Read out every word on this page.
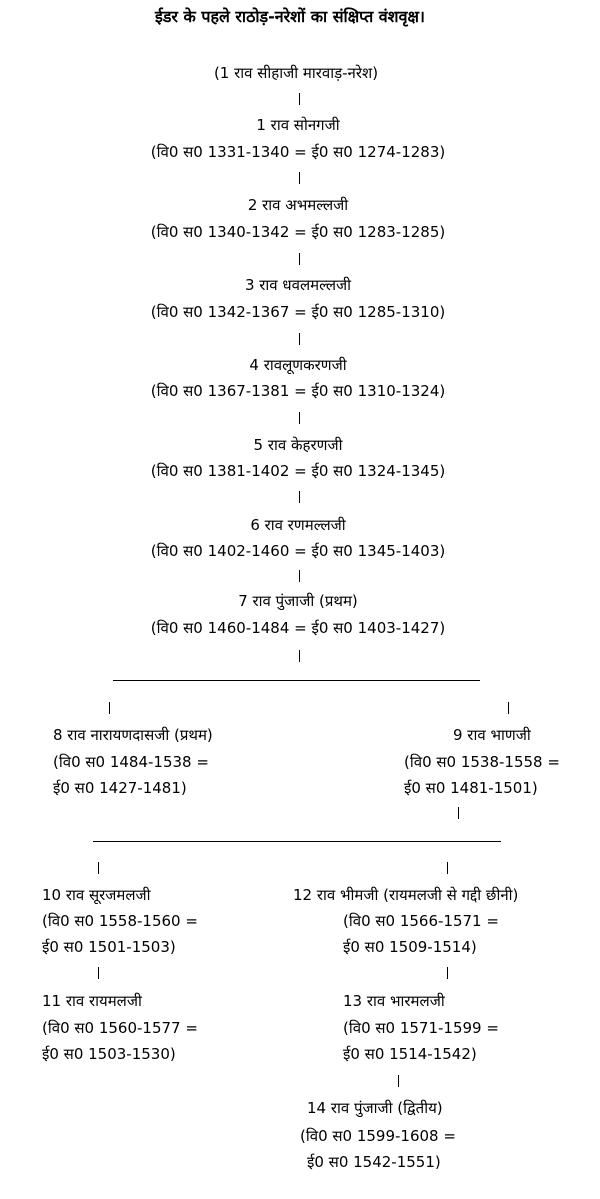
ईडर के पहले राठोड़-नरेशों का संक्षिप्त वंशवृक्ष।
(1 राव सीहाजी मारवाड़-नरेश)
1 राव सोनगजी
(वि0 स0 1331-1340 = ई0 स0 1274-1283)
2 राव अभमल्लजी
(वि0 स0 1340-1342 = ई0 स0 1283-1285)
3 राव धवलमल्लजी
(वि0 स0 1342-1367 = ई0 स0 1285-1310)
4 रावलूणकरणजी
(वि0 स0 1367-1381 = ई0 स0 1310-1324)
5 राव केहरणजी
(वि0 स0 1381-1402 = ई0 स0 1324-1345)
6 राव रणमल्लजी
(वि0 स0 1402-1460 = ई0 स0 1345-1403)
7 राव पुंजाजी (प्रथम)
(वि0 स0 1460-1484 = ई0 स0 1403-1427)
8 राव नारायणदासजी (प्रथम)
(वि0 स0 1484-1538 =
ई0 स0 1427-1481)
9 राव भाणजी
(वि0 स0 1538-1558 =
ई0 स0 1481-1501)
10 राव सूरजमलजी
(वि0 स0 1558-1560 =
ई0 स0 1501-1503)
11 राव रायमलजी
(वि0 स0 1560-1577 =
ई0 स0 1503-1530)
12 राव भीमजी (रायमलजी से गद्दी छीनी)
(वि0 स0 1566-1571 =
ई0 स0 1509-1514)
13 राव भारमलजी
(वि0 स0 1571-1599 =
ई0 स0 1514-1542)
14 राव पुंजाजी (द्वितीय)
(वि0 स0 1599-1608 =
ई0 स0 1542-1551)
